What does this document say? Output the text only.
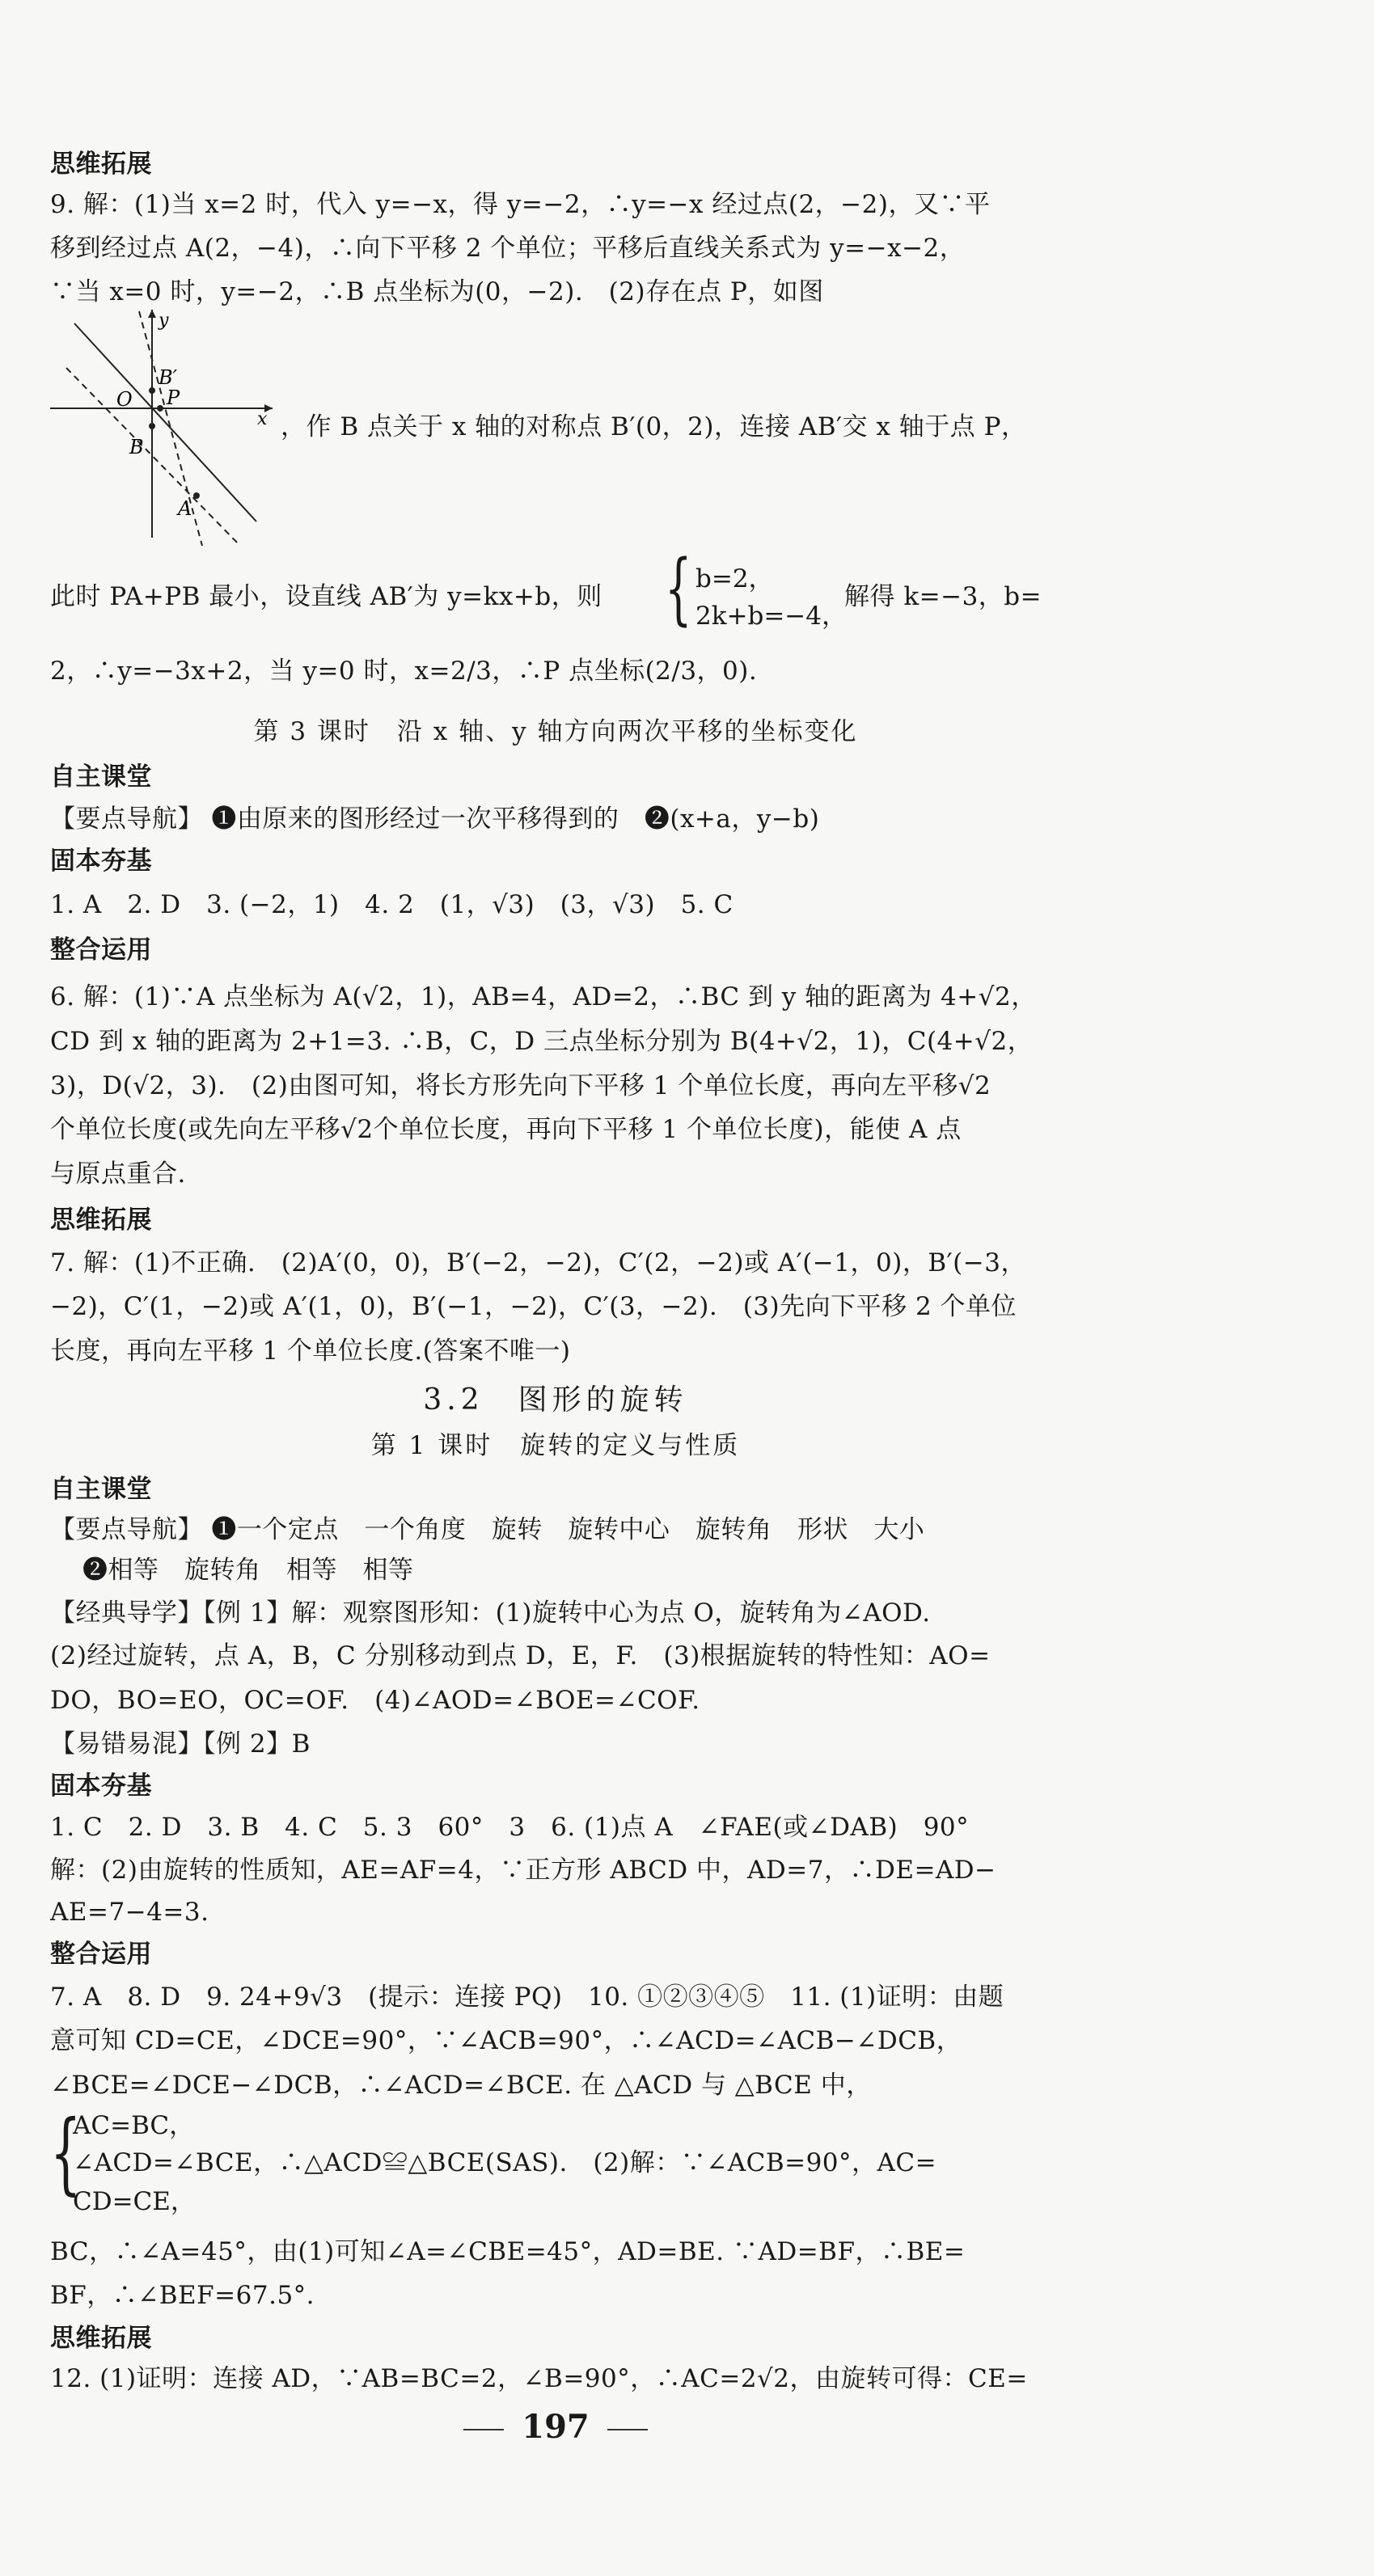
思维拓展
9. 解：(1)当 x=2 时，代入 y=−x，得 y=−2，∴y=−x 经过点(2，−2)，又∵平
移到经过点 A(2，−4)，∴向下平移 2 个单位；平移后直线关系式为 y=−x−2，
∵当 x=0 时，y=−2，∴B 点坐标为(0，−2).　(2)存在点 P，如图
y
x
O P
B′
B
A
，作 B 点关于 x 轴的对称点 B′(0，2)，连接 AB′交 x 轴于点 P，
此时 PA+PB 最小，设直线 AB′为 y=kx+b，则 { b=2，
2k+b=−4，
解得 k=−3，b=
2，∴y=−3x+2，当 y=0 时，x=2/3，∴P 点坐标(2/3，0).
第 3 课时　沿 x 轴、y 轴方向两次平移的坐标变化
自主课堂
【要点导航】 ❶由原来的图形经过一次平移得到的　❷(x+a，y−b)
固本夯基
1. A　2. D　3. (−2，1)　4. 2　(1，√3)　(3，√3)　5. C
整合运用
6. 解：(1)∵A 点坐标为 A(√2，1)，AB=4，AD=2，∴BC 到 y 轴的距离为 4+√2，
CD 到 x 轴的距离为 2+1=3. ∴B，C，D 三点坐标分别为 B(4+√2，1)，C(4+√2，
3)，D(√2，3).　(2)由图可知，将长方形先向下平移 1 个单位长度，再向左平移√2
个单位长度(或先向左平移√2个单位长度，再向下平移 1 个单位长度)，能使 A 点
与原点重合.
思维拓展
7. 解：(1)不正确.　(2)A′(0，0)，B′(−2，−2)，C′(2，−2)或 A′(−1，0)，B′(−3，
−2)，C′(1，−2)或 A′(1，0)，B′(−1，−2)，C′(3，−2).　(3)先向下平移 2 个单位
长度，再向左平移 1 个单位长度.(答案不唯一)
3.2　图形的旋转
第 1 课时　旋转的定义与性质
自主课堂
【要点导航】 ❶一个定点　一个角度　旋转　旋转中心　旋转角　形状　大小
❷相等　旋转角　相等　相等
【经典导学】【例 1】解：观察图形知：(1)旋转中心为点 O，旋转角为∠AOD.
(2)经过旋转，点 A，B，C 分别移动到点 D，E，F.　(3)根据旋转的特性知：AO=
DO，BO=EO，OC=OF.　(4)∠AOD=∠BOE=∠COF.
【易错易混】【例 2】B
固本夯基
1. C　2. D　3. B　4. C　5. 3　60°　3　6. (1)点 A　∠FAE(或∠DAB)　90°
解：(2)由旋转的性质知，AE=AF=4，∵正方形 ABCD 中，AD=7，∴DE=AD−
AE=7−4=3.
整合运用
7. A　8. D　9. 24+9√3　(提示：连接 PQ)　10. ①②③④⑤　11. (1)证明：由题
意可知 CD=CE，∠DCE=90°，∵∠ACB=90°，∴∠ACD=∠ACB−∠DCB，
∠BCE=∠DCE−∠DCB，∴∠ACD=∠BCE. 在 △ACD 与 △BCE 中，
{
AC=BC，
CD=CE，
∠ACD=∠BCE，∴△ACD≌△BCE(SAS).　(2)解：∵∠ACB=90°，AC=
BC，∴∠A=45°，由(1)可知∠A=∠CBE=45°，AD=BE. ∵AD=BF，∴BE=
BF，∴∠BEF=67.5°.
思维拓展
12. (1)证明：连接 AD，∵AB=BC=2，∠B=90°，∴AC=2√2，由旋转可得：CE=
197
